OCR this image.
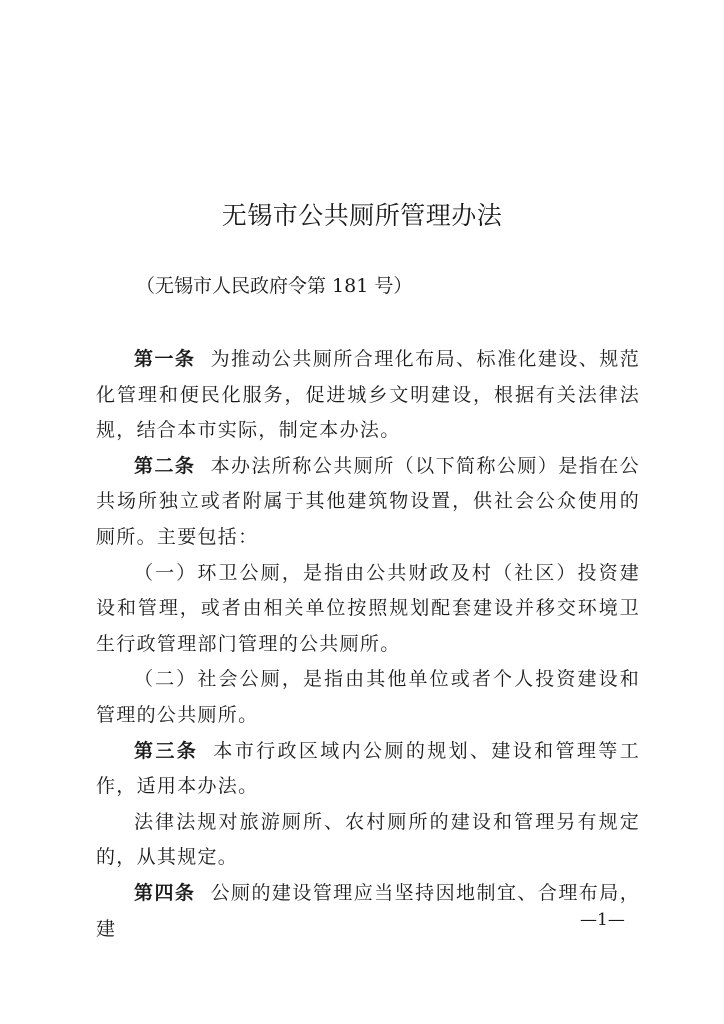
无锡市公共厕所管理办法
（无锡市人民政府令第 181 号）

第一条 为推动公共厕所合理化布局、标准化建设、规范化管理和便民化服务，促进城乡文明建设，根据有关法律法规，结合本市实际，制定本办法。

第二条 本办法所称公共厕所（以下简称公厕）是指在公共场所独立或者附属于其他建筑物设置，供社会公众使用的厕所。主要包括：

（一）环卫公厕，是指由公共财政及村（社区）投资建设和管理，或者由相关单位按照规划配套建设并移交环境卫生行政管理部门管理的公共厕所。

（二）社会公厕，是指由其他单位或者个人投资建设和管理的公共厕所。

第三条 本市行政区域内公厕的规划、建设和管理等工作，适用本办法。

法律法规对旅游厕所、农村厕所的建设和管理另有规定的，从其规定。

第四条 公厕的建设管理应当坚持因地制宜、合理布局，建	—1—
